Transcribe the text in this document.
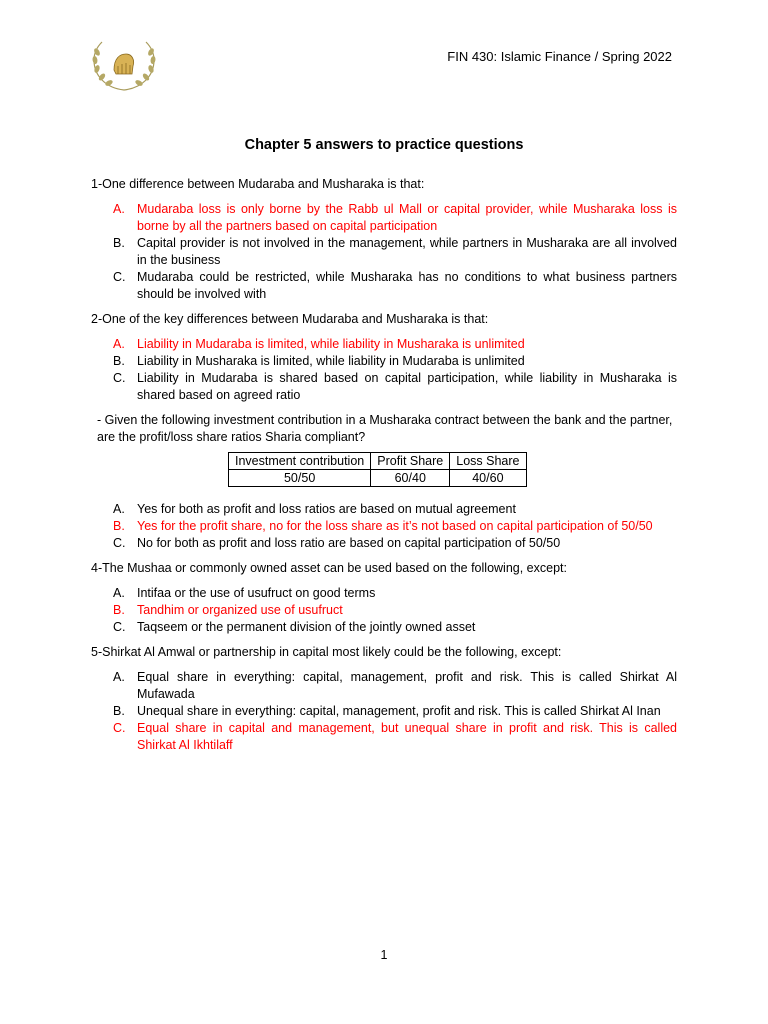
FIN 430: Islamic Finance / Spring 2022
Chapter 5 answers to practice questions
1-One difference between Mudaraba and Musharaka is that:
A. Mudaraba loss is only borne by the Rabb ul Mall or capital provider, while Musharaka loss is borne by all the partners based on capital participation
B. Capital provider is not involved in the management, while partners in Musharaka are all involved in the business
C. Mudaraba could be restricted, while Musharaka has no conditions to what business partners should be involved with
2-One of the key differences between Mudaraba and Musharaka is that:
A. Liability in Mudaraba is limited, while liability in Musharaka is unlimited
B. Liability in Musharaka is limited, while liability in Mudaraba is unlimited
C. Liability in Mudaraba is shared based on capital participation, while liability in Musharaka is shared based on agreed ratio
- Given the following investment contribution in a Musharaka contract between the bank and the partner, are the profit/loss share ratios Sharia compliant?
Investment contribution	Profit Share	Loss Share
50/50	60/40	40/60
A. Yes for both as profit and loss ratios are based on mutual agreement
B. Yes for the profit share, no for the loss share as it’s not based on capital participation of 50/50
C. No for both as profit and loss ratio are based on capital participation of 50/50
4-The Mushaa or commonly owned asset can be used based on the following, except:
A. Intifaa or the use of usufruct on good terms
B. Tandhim or organized use of usufruct
C. Taqseem or the permanent division of the jointly owned asset
5-Shirkat Al Amwal or partnership in capital most likely could be the following, except:
A. Equal share in everything: capital, management, profit and risk. This is called Shirkat Al Mufawada
B. Unequal share in everything: capital, management, profit and risk. This is called Shirkat Al Inan
C. Equal share in capital and management, but unequal share in profit and risk. This is called Shirkat Al Ikhtilaff
1
